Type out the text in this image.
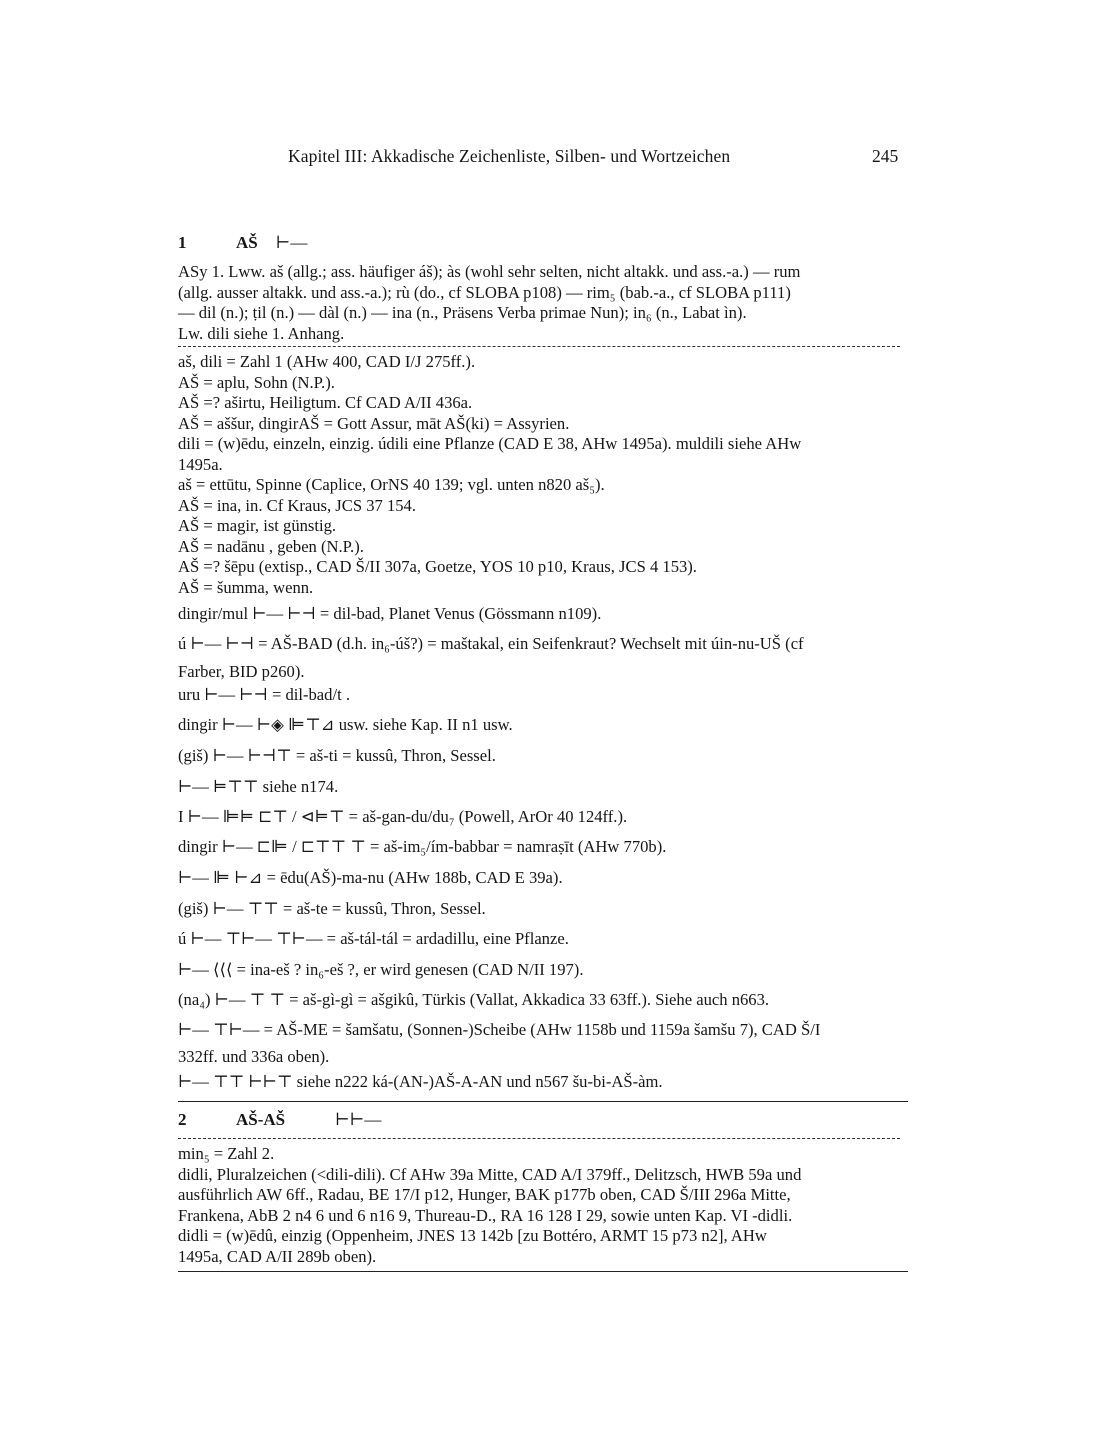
Kapitel III: Akkadische Zeichenliste, Silben- und Wortzeichen	245
1	AŠ ⊢—
ASy 1. Lww. aš (allg.; ass. häufiger áš); às (wohl sehr selten, nicht altakk. und ass.-a.) — rum
(allg. ausser altakk. und ass.-a.); rù (do., cf SLOBA p108) — rim₅ (bab.-a., cf SLOBA p111)
— dil (n.); ṭil (n.) — dàl (n.) — ina (n., Präsens Verba primae Nun); in₆ (n., Labat ìn).
Lw. dili siehe 1. Anhang.
aš, dili = Zahl 1 (AHw 400, CAD I/J 275ff.).
AŠ = aplu, Sohn (N.P.).
AŠ =? aširtu, Heiligtum. Cf CAD A/II 436a.
AŠ = aššur, dingirAŠ = Gott Assur, māt AŠ(ki) = Assyrien.
dili = (w)ēdu, einzeln, einzig. údili eine Pflanze (CAD E 38, AHw 1495a). muldili siehe AHw
1495a.
aš = ettūtu, Spinne (Caplice, OrNS 40 139; vgl. unten n820 aš₅).
AŠ = ina, in. Cf Kraus, JCS 37 154.
AŠ = magir, ist günstig.
AŠ = nadānu , geben (N.P.).
AŠ =? šēpu (extisp., CAD Š/II 307a, Goetze, YOS 10 p10, Kraus, JCS 4 153).
AŠ = šumma, wenn.
dingir/mul ⊢— ⊢⊣ = dil-bad, Planet Venus (Gössmann n109).
ú ⊢— ⊢⊣ = AŠ-BAD (d.h. in₆-úš?) = maštakal, ein Seifenkraut? Wechselt mit úin-nu-UŠ (cf
Farber, BID p260).
uru ⊢— ⊢⊣ = dil-bad/t .
dingir ⊢— ⊢◈ ⊫⊤⊿ usw. siehe Kap. II n1 usw.
(giš) ⊢— ⊢⊣⊤ = aš-ti = kussû, Thron, Sessel.
⊢— ⊨⊤⊤ siehe n174.
I ⊢— ⊫⊨ ⊏⊤ / ⊲⊨⊤ = aš-gan-du/du₇ (Powell, ArOr 40 124ff.).
dingir ⊢— ⊏⊫ / ⊏⊤⊤ ⊤ = aš-im₅/ím-babbar = namraṣīt (AHw 770b).
⊢— ⊫ ⊢⊿ = ēdu(AŠ)-ma-nu (AHw 188b, CAD E 39a).
(giš) ⊢— ⊤⊤ = aš-te = kussû, Thron, Sessel.
ú ⊢— ⊤⊢— ⊤⊢— = aš-tál-tál = ardadillu, eine Pflanze.
⊢— ⟨⟨⟨ = ina-eš ? in₆-eš ?, er wird genesen (CAD N/II 197).
(na₄) ⊢— ⊤ ⊤ = aš-gì-gì = ašgikû, Türkis (Vallat, Akkadica 33 63ff.). Siehe auch n663.
⊢— ⊤⊢— = AŠ-ME = šamšatu, (Sonnen-)Scheibe (AHw 1158b und 1159a šamšu 7), CAD Š/I
332ff. und 336a oben).
⊢— ⊤⊤ ⊢⊢⊤ siehe n222 ká-(AN-)AŠ-A-AN und n567 šu-bi-AŠ-àm.
2	AŠ-AŠ	⊢⊢—
min₅ = Zahl 2.
didli, Pluralzeichen (<dili-dili). Cf AHw 39a Mitte, CAD A/I 379ff., Delitzsch, HWB 59a und
ausführlich AW 6ff., Radau, BE 17/I p12, Hunger, BAK p177b oben, CAD Š/III 296a Mitte,
Frankena, AbB 2 n4 6 und 6 n16 9, Thureau-D., RA 16 128 I 29, sowie unten Kap. VI -didli.
didli = (w)ēdû, einzig (Oppenheim, JNES 13 142b [zu Bottéro, ARMT 15 p73 n2], AHw
1495a, CAD A/II 289b oben).
